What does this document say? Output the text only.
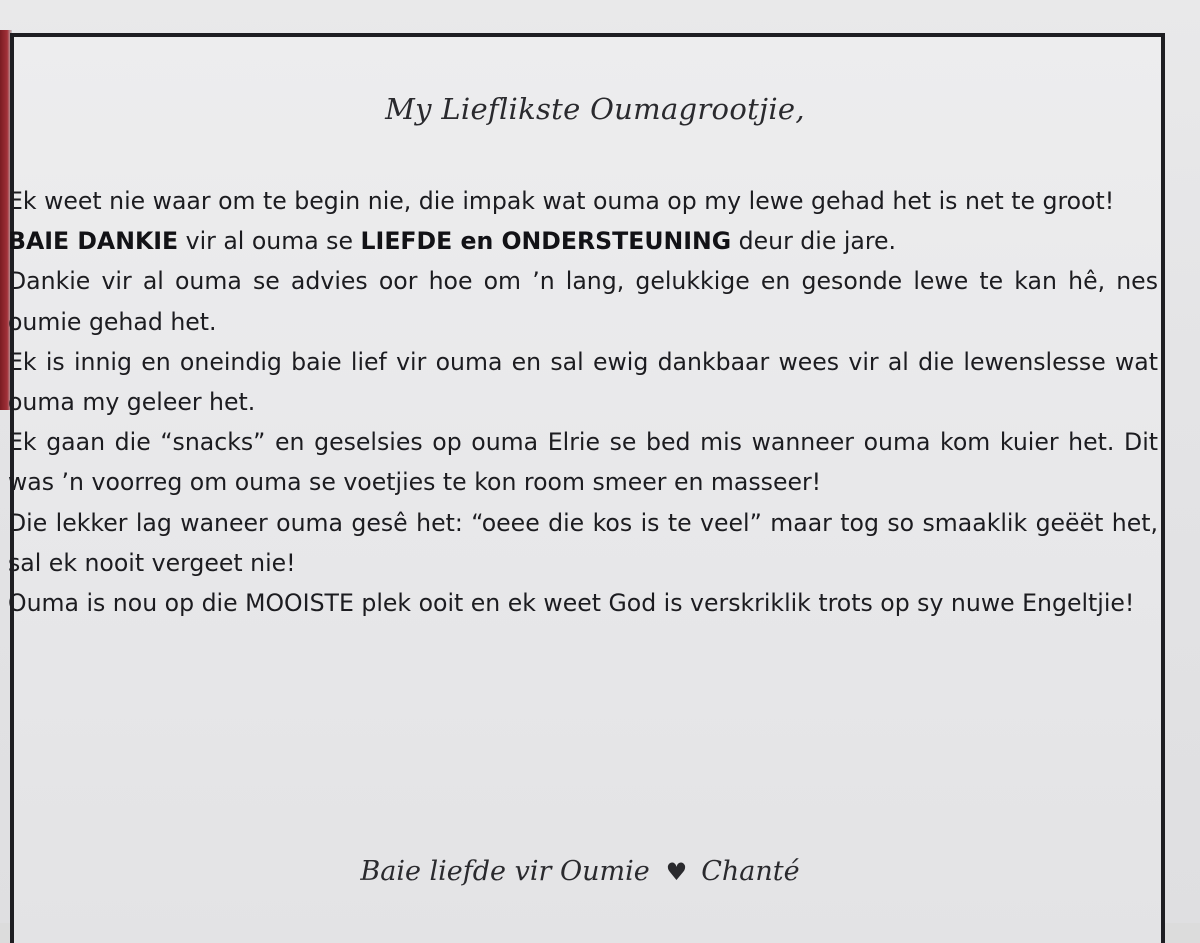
My Lieflikste Oumagrootjie,

Ek weet nie waar om te begin nie, die impak wat ouma op my lewe gehad het is net te groot!

BAIE DANKIE vir al ouma se LIEFDE en ONDERSTEUNING deur die jare.

Dankie vir al ouma se advies oor hoe om ’n lang, gelukkige en gesonde lewe te kan hê, nes oumie gehad het.

Ek is innig en oneindig baie lief vir ouma en sal ewig dankbaar wees vir al die lewenslesse wat ouma my geleer het.

Ek gaan die “snacks” en geselsies op ouma Elrie se bed mis wanneer ouma kom kuier het. Dit was ’n voorreg om ouma se voetjies te kon room smeer en masseer!

Die lekker lag waneer ouma gesê het: “oeee die kos is te veel” maar tog so smaaklik geëët het, sal ek nooit vergeet nie!

Ouma is nou op die MOOISTE plek ooit en ek weet God is verskriklik trots op sy nuwe Engeltjie!

Baie liefde vir Oumie ♥ Chanté
